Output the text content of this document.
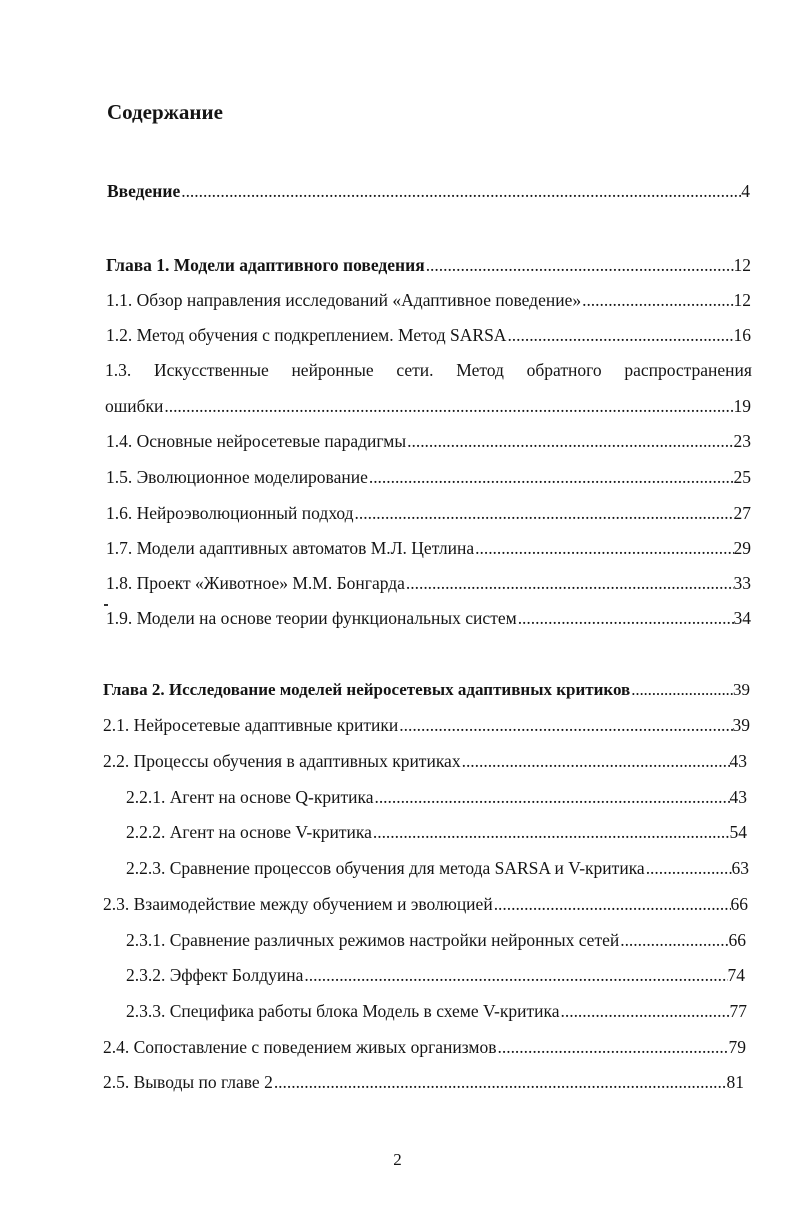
Содержание
Введение . . .	4
Глава 1. Модели адаптивного поведения . . .	12
1.1. Обзор направления исследований «Адаптивное поведение» . . .	12
1.2. Метод обучения с подкреплением. Метод SARSA . . .	16
1.3. Искусственные нейронные сети. Метод обратного распространения
ошибки . . .	19
1.4. Основные нейросетевые парадигмы . . .	23
1.5. Эволюционное моделирование . . .	25
1.6. Нейроэволюционный подход . . .	27
1.7. Модели адаптивных автоматов М.Л. Цетлина . . .	29
1.8. Проект «Животное» М.М. Бонгарда . . .	33
1.9. Модели на основе теории функциональных систем . . .	34
Глава 2. Исследование моделей нейросетевых адаптивных критиков . . .	39
2.1. Нейросетевые адаптивные критики . . .	39
2.2. Процессы обучения в адаптивных критиках . . .	43
2.2.1. Агент на основе Q-критика . . .	43
2.2.2. Агент на основе V-критика . . .	54
2.2.3. Сравнение процессов обучения для метода SARSA и V-критика . . .	63
2.3. Взаимодействие между обучением и эволюцией . . .	66
2.3.1. Сравнение различных режимов настройки нейронных сетей . . .	66
2.3.2. Эффект Болдуина . . .	74
2.3.3. Специфика работы блока Модель в схеме V-критика . . .	77
2.4. Сопоставление с поведением живых организмов . . .	79
2.5. Выводы по главе 2 . . .	81
2
